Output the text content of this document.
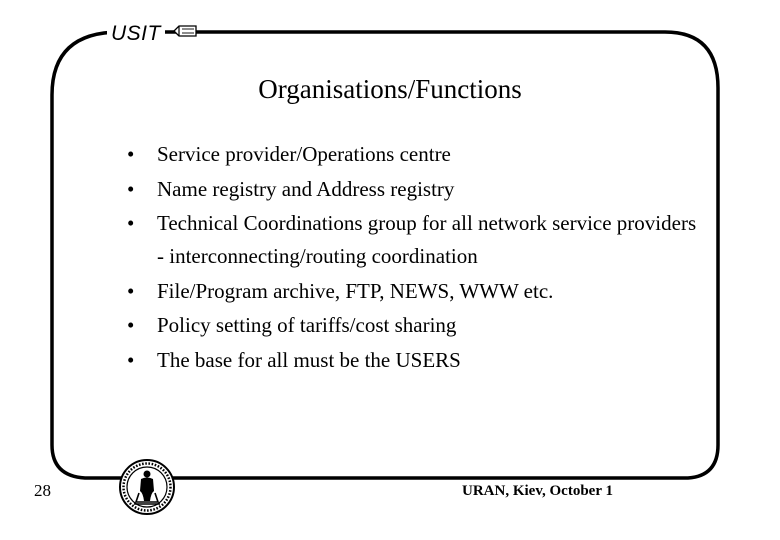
USIT
Organisations/Functions
• Service provider/Operations centre
• Name registry and Address registry
• Technical Coordinations group for all network service providers - interconnecting/routing coordination
• File/Program archive, FTP, NEWS, WWW etc.
• Policy setting of tariffs/cost sharing
• The base for all must be the USERS
28	URAN, Kiev, October 1
